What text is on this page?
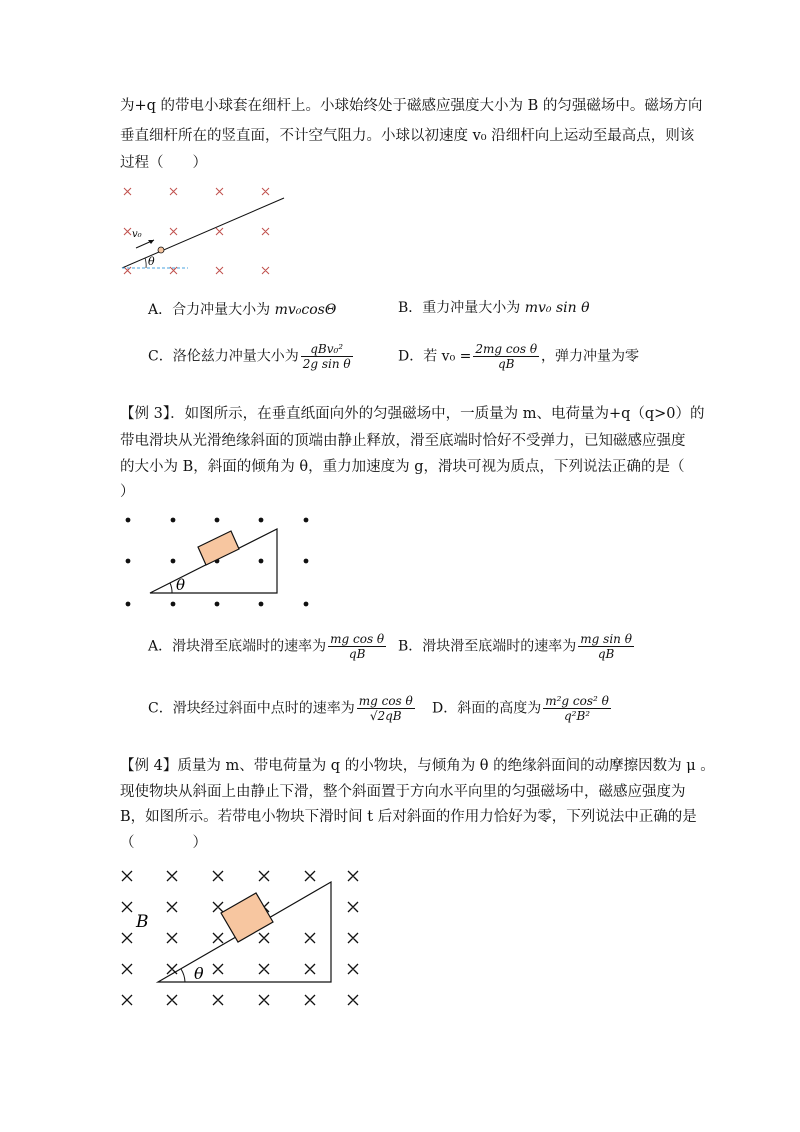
为+q 的带电小球套在细杆上。小球始终处于磁感应强度大小为 B 的匀强磁场中。磁场方向
垂直细杆所在的竖直面，不计空气阻力。小球以初速度 v₀ 沿细杆向上运动至最高点，则该
过程（　　）
v₀
θ
A．合力冲量大小为 mv₀cosΘ	B．重力冲量大小为 mv₀ sin θ
C．洛伦兹力冲量大小为 $\frac{\text{qBv₀²}}{\text{2g sin θ}}$	D．若 $v_0 = \frac{\text{2mg cos θ}}{qB}$ ，弹力冲量为零
【例 3】．如图所示，在垂直纸面向外的匀强磁场中，一质量为 m、电荷量为+q（q>0）的
带电滑块从光滑绝缘斜面的顶端由静止释放，滑至底端时恰好不受弹力，已知磁感应强度
的大小为 B，斜面的倾角为 θ，重力加速度为 g，滑块可视为质点，下列说法正确的是（
）
θ
A．滑块滑至底端时的速率为 $\frac{\text{mg cos θ}}{qB}$ B．滑块滑至底端时的速率为 $\frac{\text{mg sin θ}}{qB}$
C．滑块经过斜面中点时的速率为 $\frac{\text{mg cos θ}}{√2qB}$ D．斜面的高度为 $\frac{\text{m²g cos² θ}}{\text{q²B²}}$
【例 4】质量为 m、带电荷量为 q 的小物块，与倾角为 θ 的绝缘斜面间的动摩擦因数为 μ 。
现使物块从斜面上由静止下滑，整个斜面置于方向水平向里的匀强磁场中，磁感应强度为
B，如图所示。若带电小物块下滑时间 t 后对斜面的作用力恰好为零，下列说法中正确的是
（　　　　）
θ
B
